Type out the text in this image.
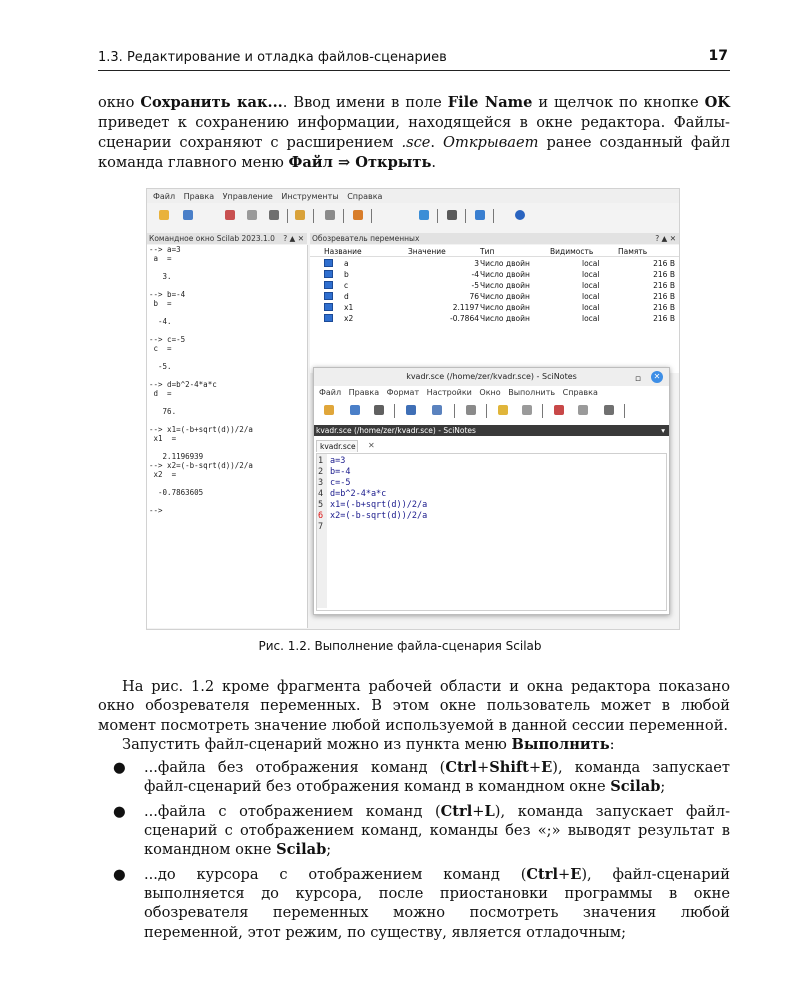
1.3. Редактирование и отладка файлов-сценариев	17

окно Сохранить как.... Ввод имени в поле File Name и щелчок по кнопке OK приведет к сохранению информации, находящейся в окне редактора. Файлы-сценарии сохраняют с расширением .sce. Открывает ранее созданный файл команда главного меню Файл ⇒ Открыть.

Файл Правка Управление Инструменты Справка
Командное окно Scilab 2023.1.0 ? ▲ ✕
--> a=3
a  =
3.
--> b=-4
b  =
-4.
--> c=-5
c  =
-5.
--> d=b^2-4*a*c
d  =
76.
--> x1=(-b+sqrt(d))/2/a
x1  =
2.1196939
--> x2=(-b-sqrt(d))/2/a
x2  =
-0.7863605
-->
Обозреватель переменных	? ▲ ✕
Название	Значение	Тип	Видимость	Память
a	3 Число двойн	local	216 B
b	-4 Число двойн	local	216 B
c	-5 Число двойн	local	216 B
d	76 Число двойн	local	216 B
x1	2.1197 Число двойн	local	216 B
x2	-0.7864 Число двойн	local	216 B
kvadr.sce (/home/zer/kvadr.sce) - SciNotes	▫	✕
Файл Правка Формат Настройки Окно Выполнить Справка
kvadr.sce (/home/zer/kvadr.sce) - SciNotes	▾
kvadr.sce	✕
1
2
3
4
5
6
7
a=3
b=-4
c=-5
d=b^2-4*a*c
x1=(-b+sqrt(d))/2/a
x2=(-b-sqrt(d))/2/a
Рис. 1.2. Выполнение файла-сценария Scilab

На рис. 1.2 кроме фрагмента рабочей области и окна редактора показано окно обозревателя переменных. В этом окне пользователь может в любой момент посмотреть значение любой используемой в данной сессии переменной.

Запустить файл-сценарий можно из пункта меню Выполнить:

● ...файла без отображения команд (Ctrl+Shift+E), команда запускает файл-сценарий без отображения команд в командном окне Scilab;
● ...файла с отображением команд (Ctrl+L), команда запускает файл-сценарий с отображением команд, команды без «;» выводят результат в командном окне Scilab;
● ...до курсора с отображением команд (Ctrl+E), файл-сценарий выполняется до курсора, после приостановки программы в окне обозревателя переменных можно посмотреть значения любой переменной, этот режим, по существу, является отладочным;
